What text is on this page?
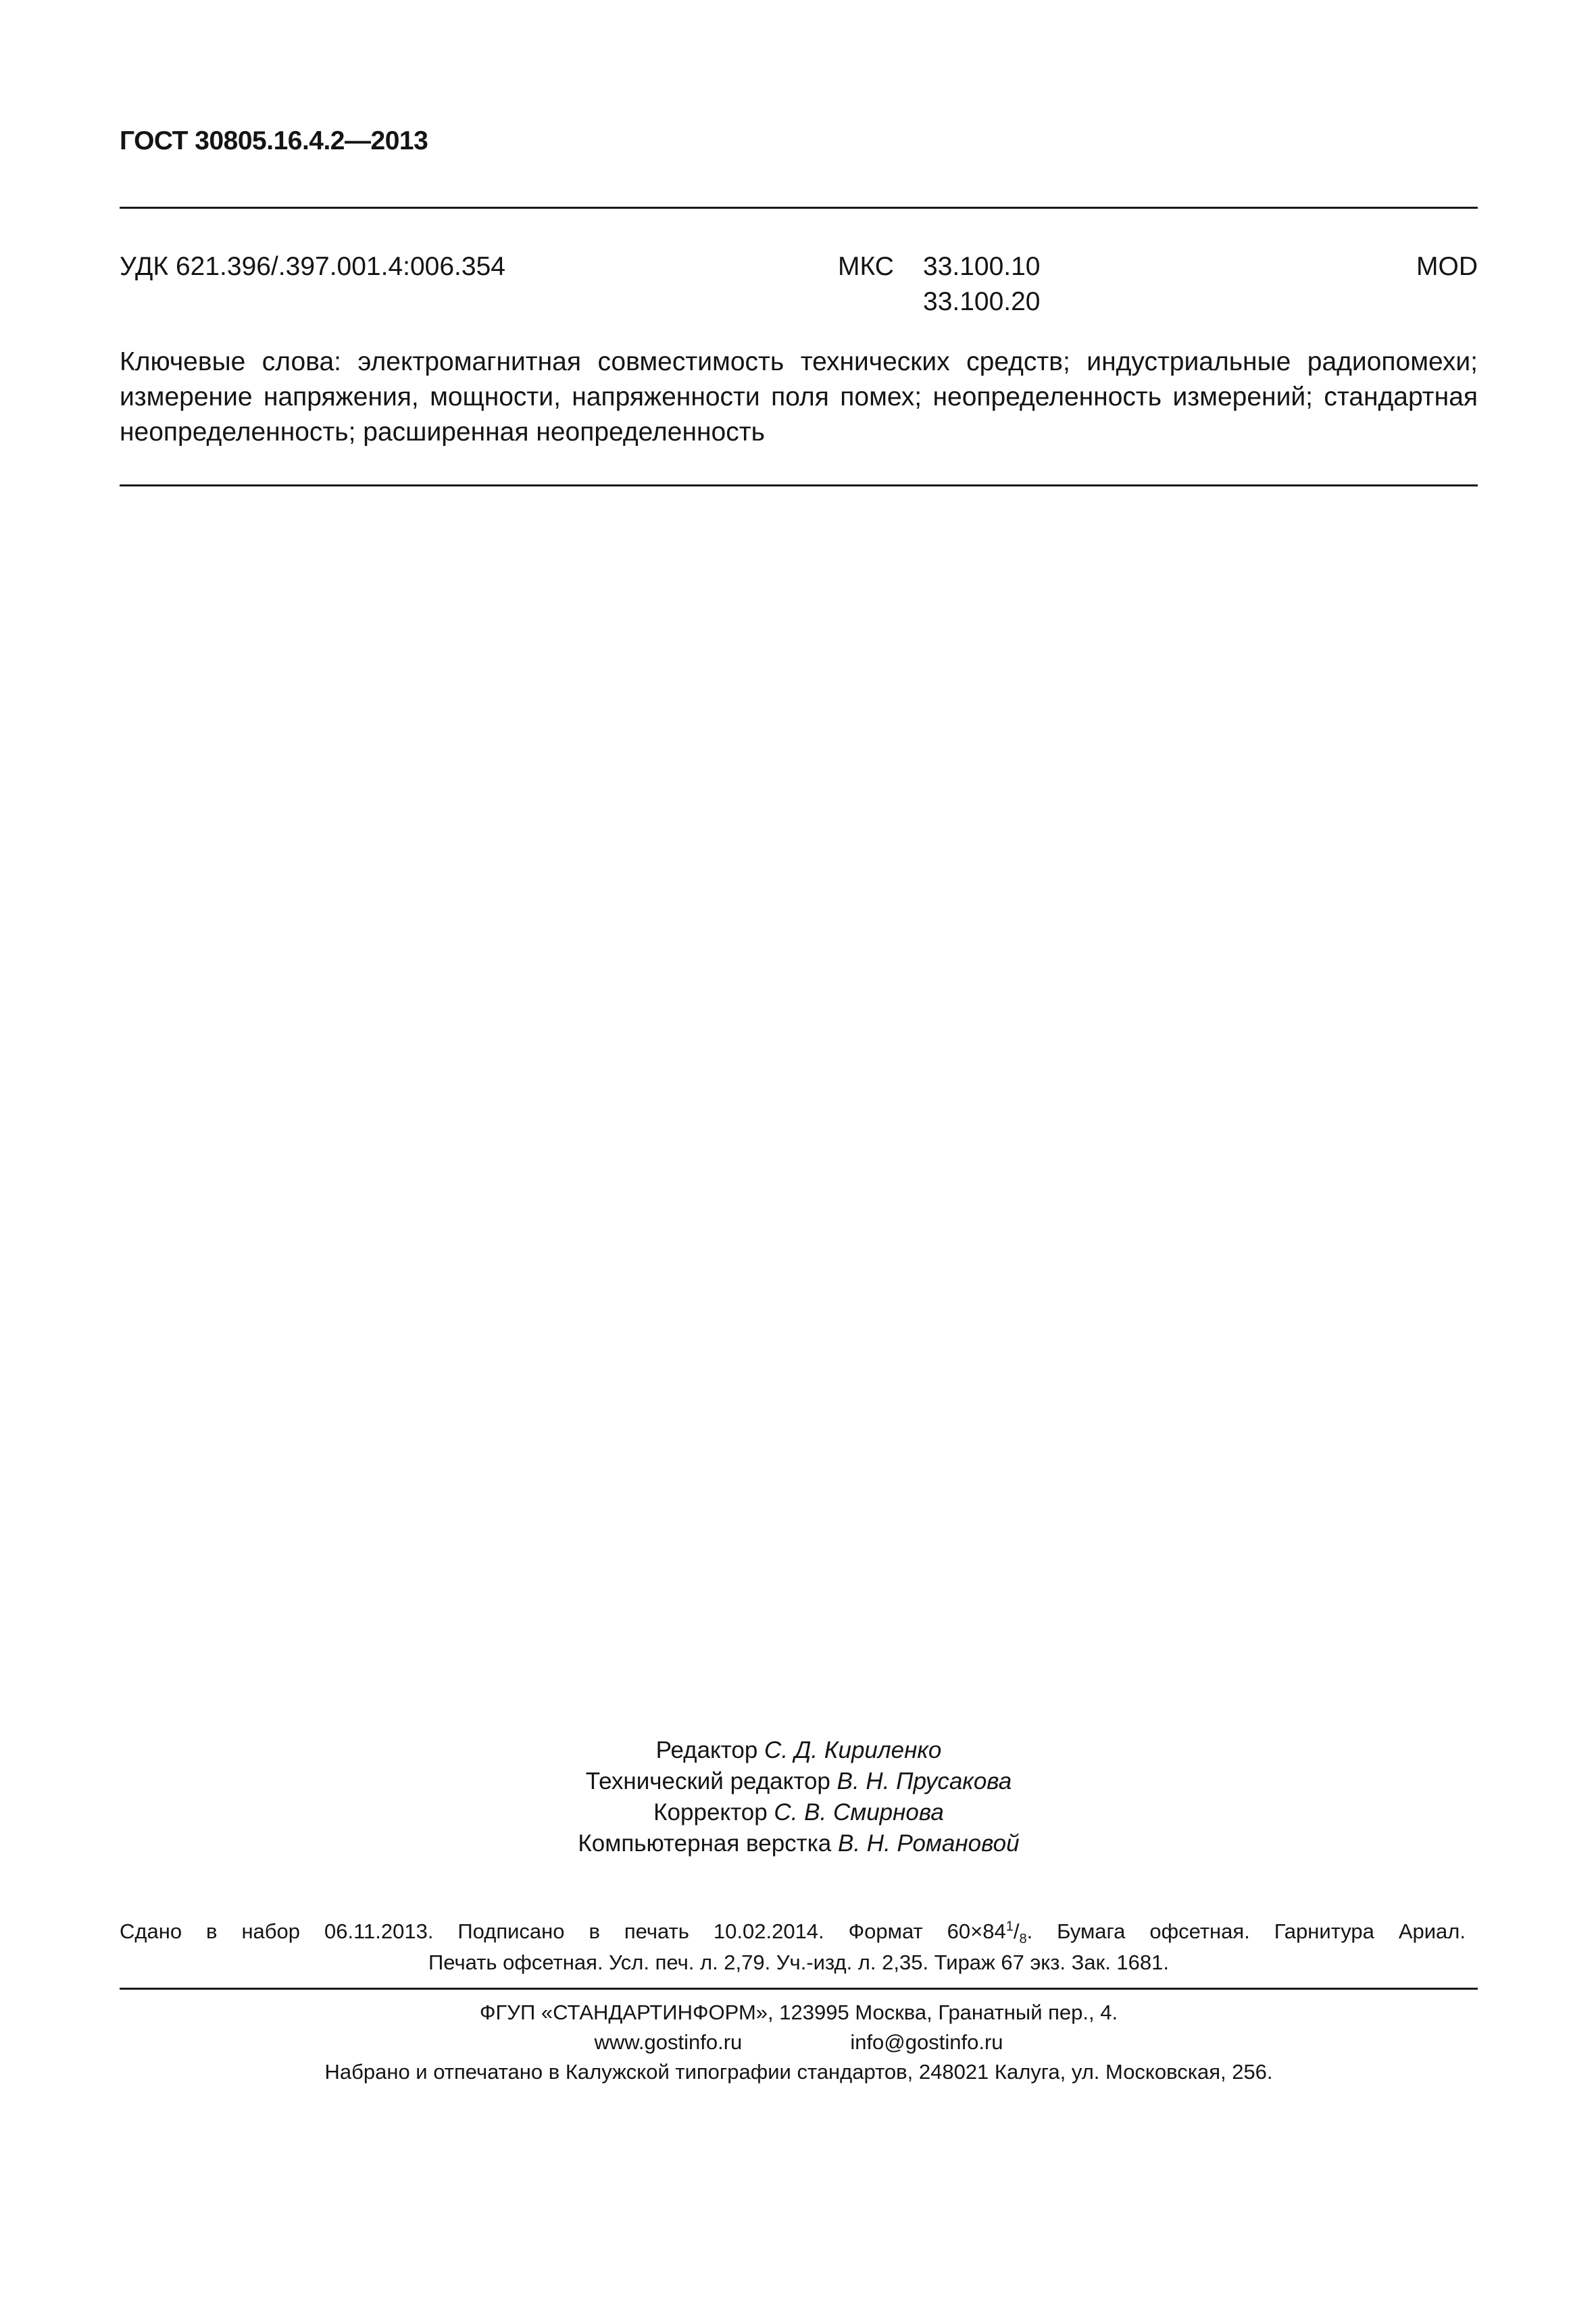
ГОСТ 30805.16.4.2—2013
УДК 621.396/.397.001.4:006.354	МКС 33.100.10
33.100.20
MOD
Ключевые слова: электромагнитная совместимость технических средств; индустриальные радиопомехи; измерение напряжения, мощности, напряженности поля помех; неопределенность измерений; стандартная неопределенность; расширенная неопределенность
Редактор С. Д. Кириленко
Технический редактор В. Н. Прусакова
Корректор С. В. Смирнова
Компьютерная верстка В. Н. Романовой
Сдано в набор 06.11.2013. Подписано в печать 10.02.2014. Формат $60\times 84^1/_8$. Бумага офсетная. Гарнитура Ариал.
Печать офсетная. Усл. печ. л. 2,79. Уч.-изд. л. 2,35. Тираж 67 экз. Зак. 1681.
ФГУП «СТАНДАРТИНФОРМ», 123995 Москва, Гранатный пер., 4.
www.gostinfo.ru	info@gostinfo.ru
Набрано и отпечатано в Калужской типографии стандартов, 248021 Калуга, ул. Московская, 256.
